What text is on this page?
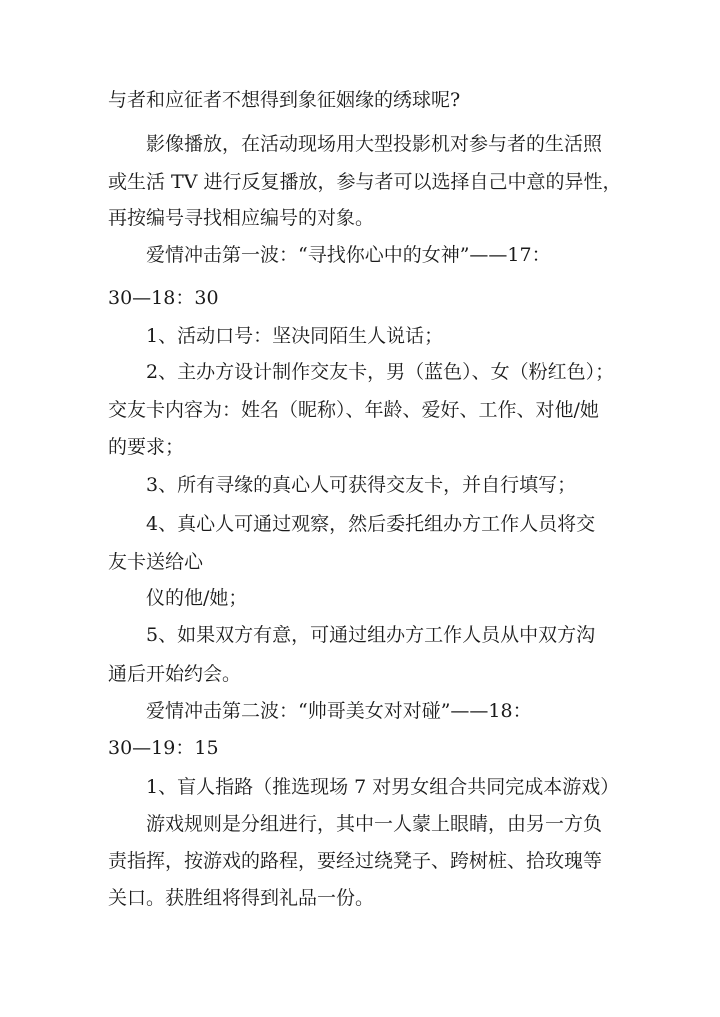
与者和应征者不想得到象征姻缘的绣球呢?
影像播放，在活动现场用大型投影机对参与者的生活照
或生活 TV 进行反复播放，参与者可以选择自己中意的异性，
再按编号寻找相应编号的对象。
爱情冲击第一波：“寻找你心中的女神”——17：
30—18：30
1、活动口号：坚决同陌生人说话；
2、主办方设计制作交友卡，男（蓝色）、女（粉红色）；
交友卡内容为：姓名（昵称）、年龄、爱好、工作、对他/她
的要求；
3、所有寻缘的真心人可获得交友卡，并自行填写；
4、真心人可通过观察，然后委托组办方工作人员将交
友卡送给心
仪的他/她；
5、如果双方有意，可通过组办方工作人员从中双方沟
通后开始约会。
爱情冲击第二波：“帅哥美女对对碰”——18：
30—19：15
1、盲人指路（推选现场 7 对男女组合共同完成本游戏）
游戏规则是分组进行，其中一人蒙上眼睛，由另一方负
责指挥，按游戏的路程，要经过绕凳子、跨树桩、拾玫瑰等
关口。获胜组将得到礼品一份。
